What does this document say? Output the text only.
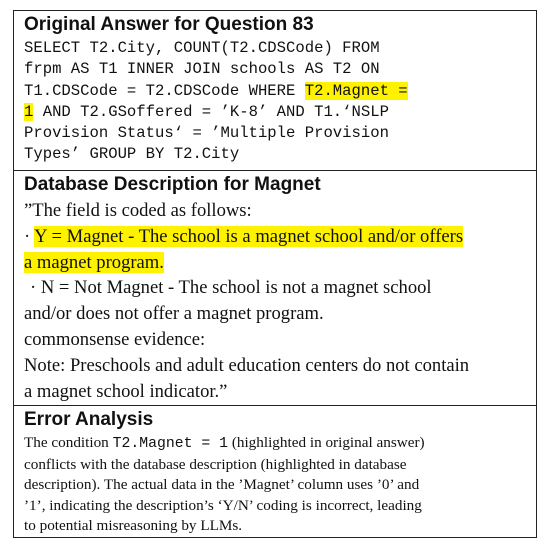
Original Answer for Question 83
SELECT T2.City, COUNT(T2.CDSCode) FROM
frpm AS T1 INNER JOIN schools AS T2 ON
T1.CDSCode = T2.CDSCode WHERE T2.Magnet =
1 AND T2.GSoffered = ’K-8’ AND T1.‘NSLP
Provision Status‘ = ’Multiple Provision
Types’ GROUP BY T2.City
Database Description for Magnet

”The field is coded as follows:

· Y = Magnet - The school is a magnet school and/or offers

a magnet program.

· N = Not Magnet - The school is not a magnet school

and/or does not offer a magnet program.

commonsense evidence:

Note: Preschools and adult education centers do not contain

a magnet school indicator.”

Error Analysis

The condition T2.Magnet = 1 (highlighted in original answer)

conflicts with the database description (highlighted in database

description). The actual data in the ’Magnet’ column uses ’0’ and

’1’, indicating the description’s ‘Y/N’ coding is incorrect, leading

to potential misreasoning by LLMs.
